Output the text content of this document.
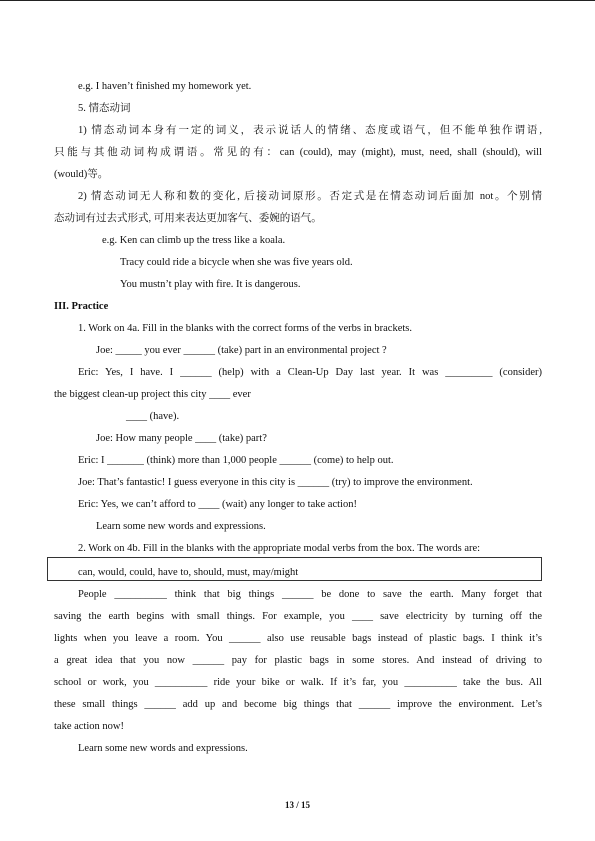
e.g. I haven’t finished my homework yet.
5. 情态动词
1) 情态动词本身有一定的词义，表示说话人的情绪、态度或语气，但不能单独作谓语,
只能与其他动词构成谓语。常见的有：can (could), may (might), must, need, shall (should), will
(would)等。
2) 情态动词无人称和数的变化, 后接动词原形。否定式是在情态动词后面加 not。个别情
态动词有过去式形式, 可用来表达更加客气、委婉的语气。
e.g. Ken can climb up the tress like a koala.
Tracy could ride a bicycle when she was five years old.
You mustn’t play with fire. It is dangerous.
III. Practice
1. Work on 4a. Fill in the blanks with the correct forms of the verbs in brackets.
Joe: _____ you ever ______ (take) part in an environmental project ?
Eric: Yes, I have. I ______ (help) with a Clean-Up Day last year. It was _________ (consider)
the biggest clean-up project this city ____ ever
____ (have).
Joe: How many people ____ (take) part?
Eric: I _______ (think) more than 1,000 people ______ (come) to help out.
Joe: That’s fantastic! I guess everyone in this city is ______ (try) to improve the environment.
Eric: Yes, we can’t afford to ____ (wait) any longer to take action!
Learn some new words and expressions.
2. Work on 4b. Fill in the blanks with the appropriate modal verbs from the box. The words are:
can, would, could, have to, should, must, may/might
People __________ think that big things ______ be done to save the earth. Many forget that
saving the earth begins with small things. For example, you ____ save electricity by turning off the
lights when you leave a room. You ______ also use reusable bags instead of plastic bags. I think it’s
a great idea that you now ______ pay for plastic bags in some stores. And instead of driving to
school or work, you __________ ride your bike or walk. If it’s far, you __________ take the bus. All
these small things ______ add up and become big things that ______ improve the environment. Let’s
take action now!
Learn some new words and expressions.
13 / 15
